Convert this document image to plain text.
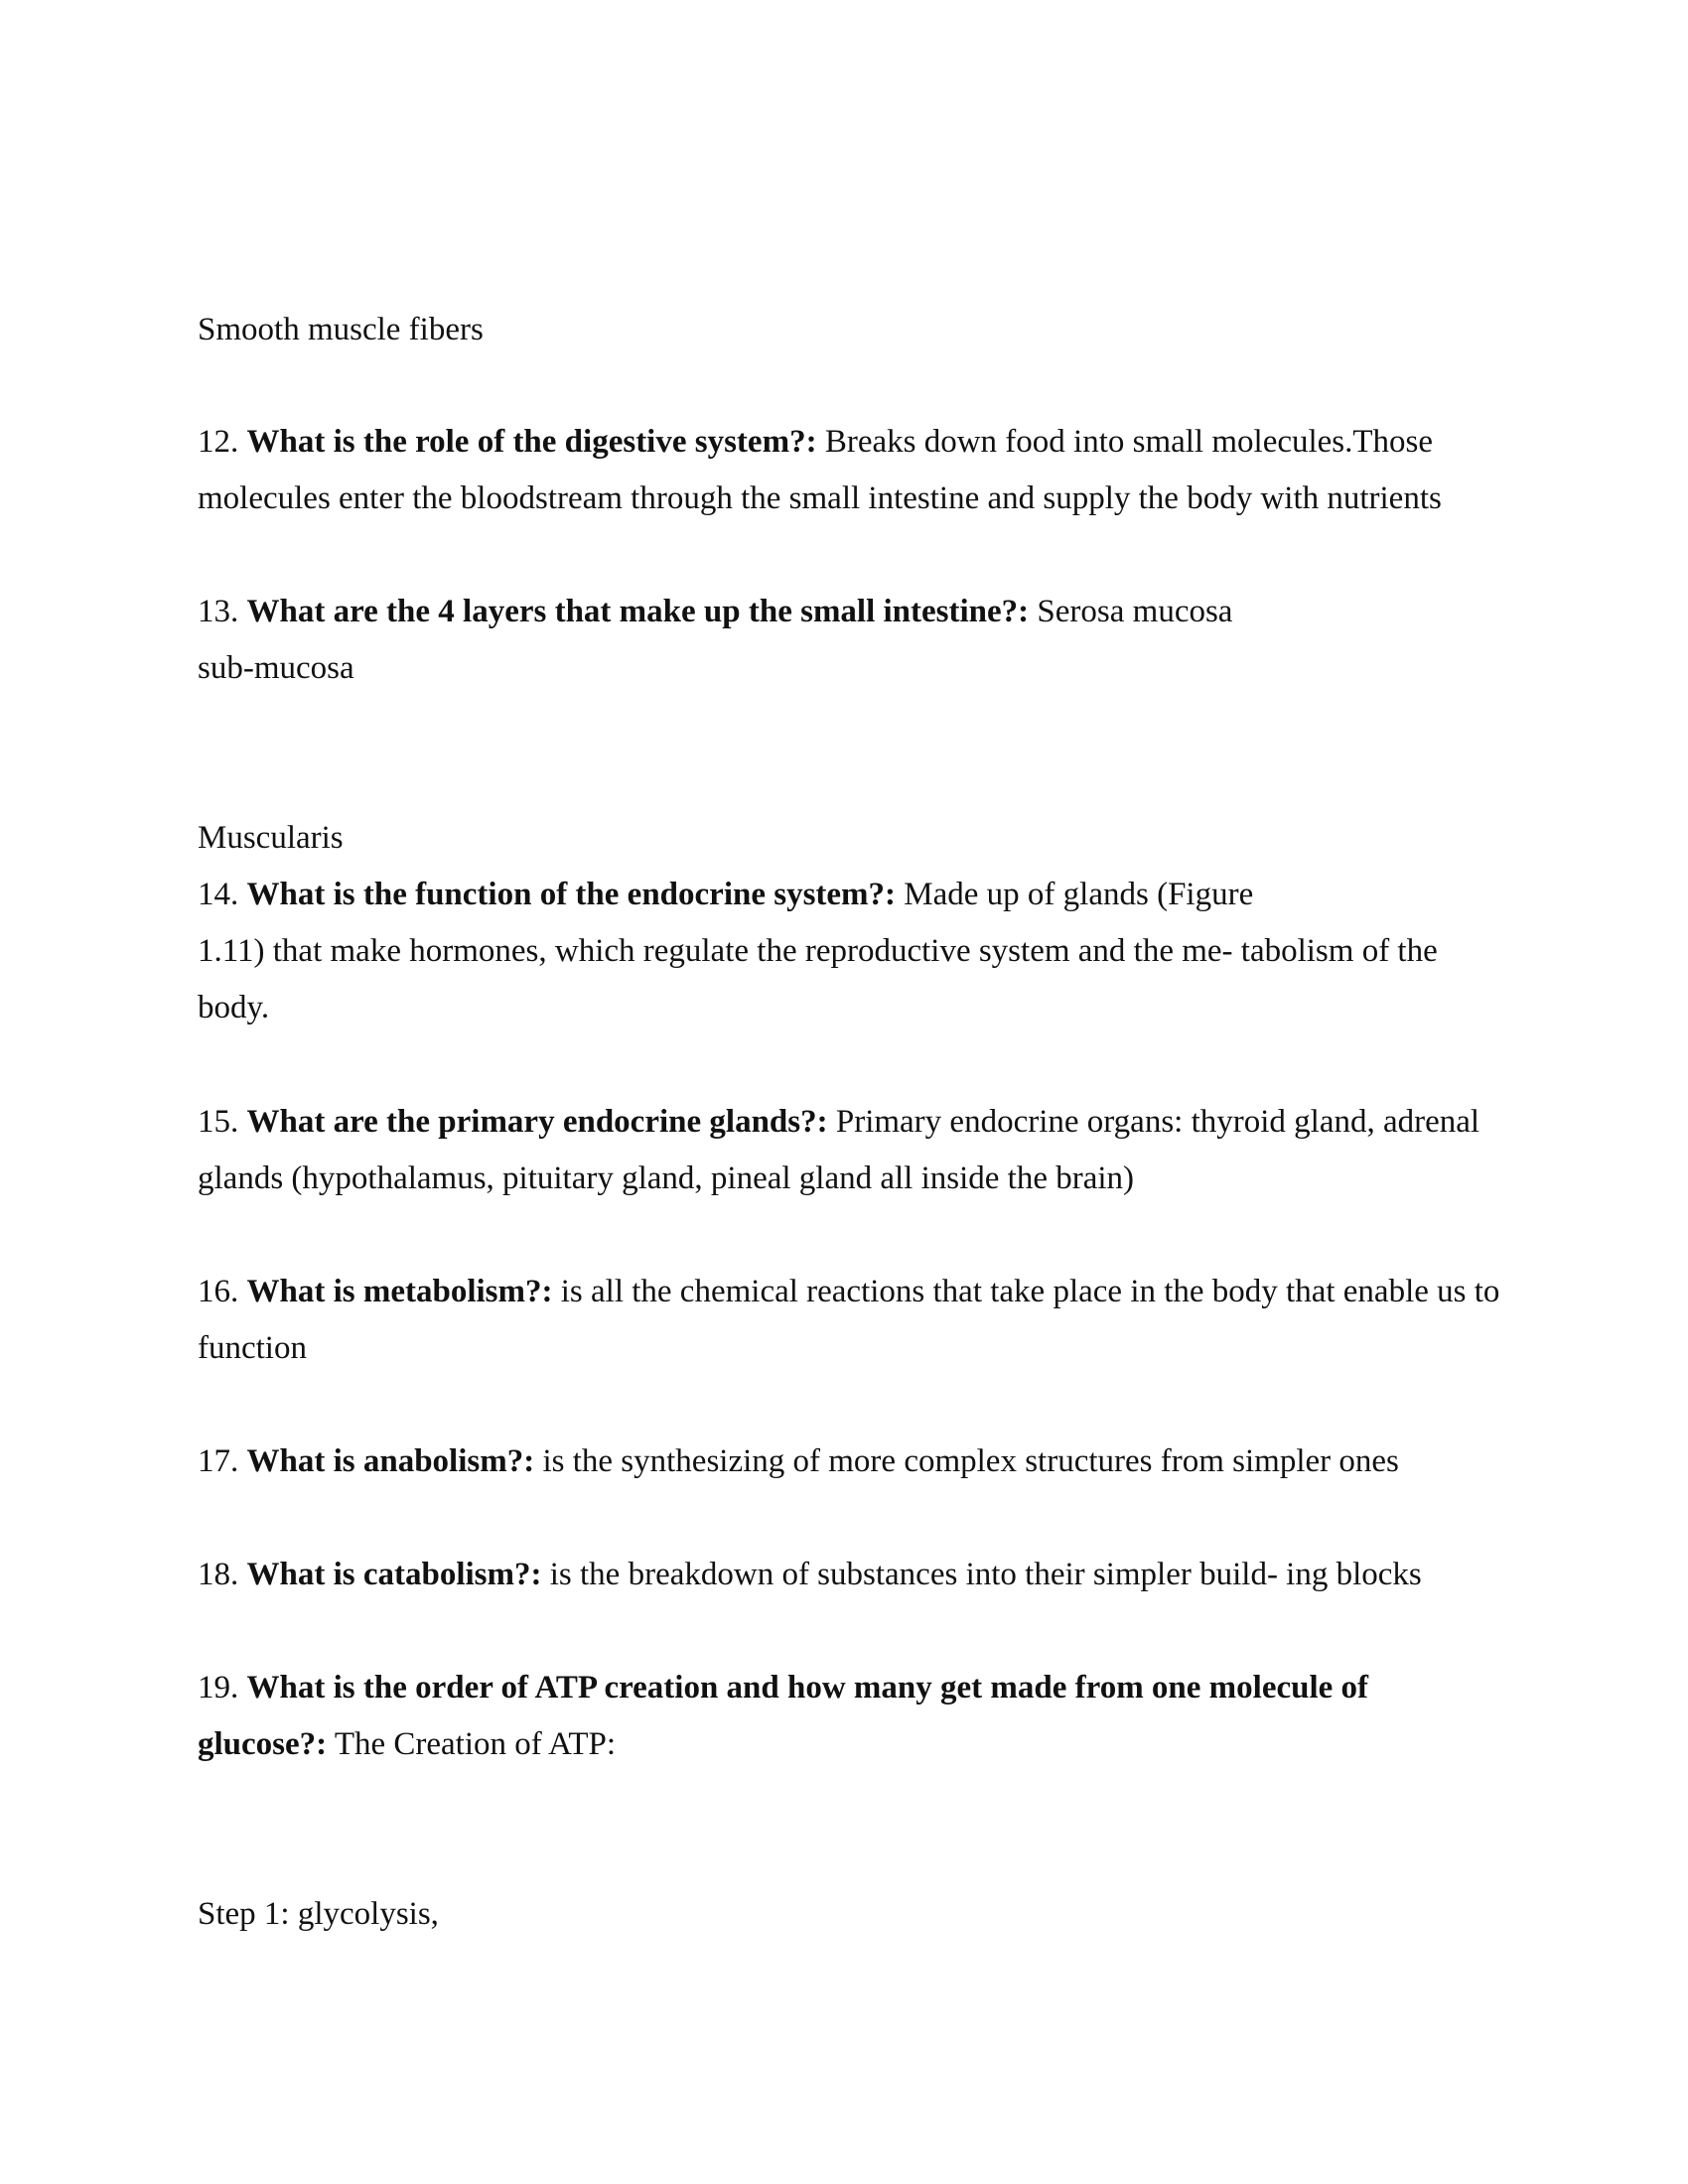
Smooth muscle fibers
12. What is the role of the digestive system?: Breaks down food into small molecules.Those
molecules enter the bloodstream through the small intestine and supply the body with nutrients
13. What are the 4 layers that make up the small intestine?: Serosa mucosa
sub-mucosa
Muscularis
14. What is the function of the endocrine system?: Made up of glands (Figure
1.11) that make hormones, which regulate the reproductive system and the me- tabolism of the
body.
15. What are the primary endocrine glands?: Primary endocrine organs: thyroid gland, adrenal
glands (hypothalamus, pituitary gland, pineal gland all inside the brain)
16. What is metabolism?: is all the chemical reactions that take place in the body that enable us to
function
17. What is anabolism?: is the synthesizing of more complex structures from simpler ones
18. What is catabolism?: is the breakdown of substances into their simpler build- ing blocks
19. What is the order of ATP creation and how many get made from one molecule of
glucose?: The Creation of ATP:
Step 1: glycolysis,
